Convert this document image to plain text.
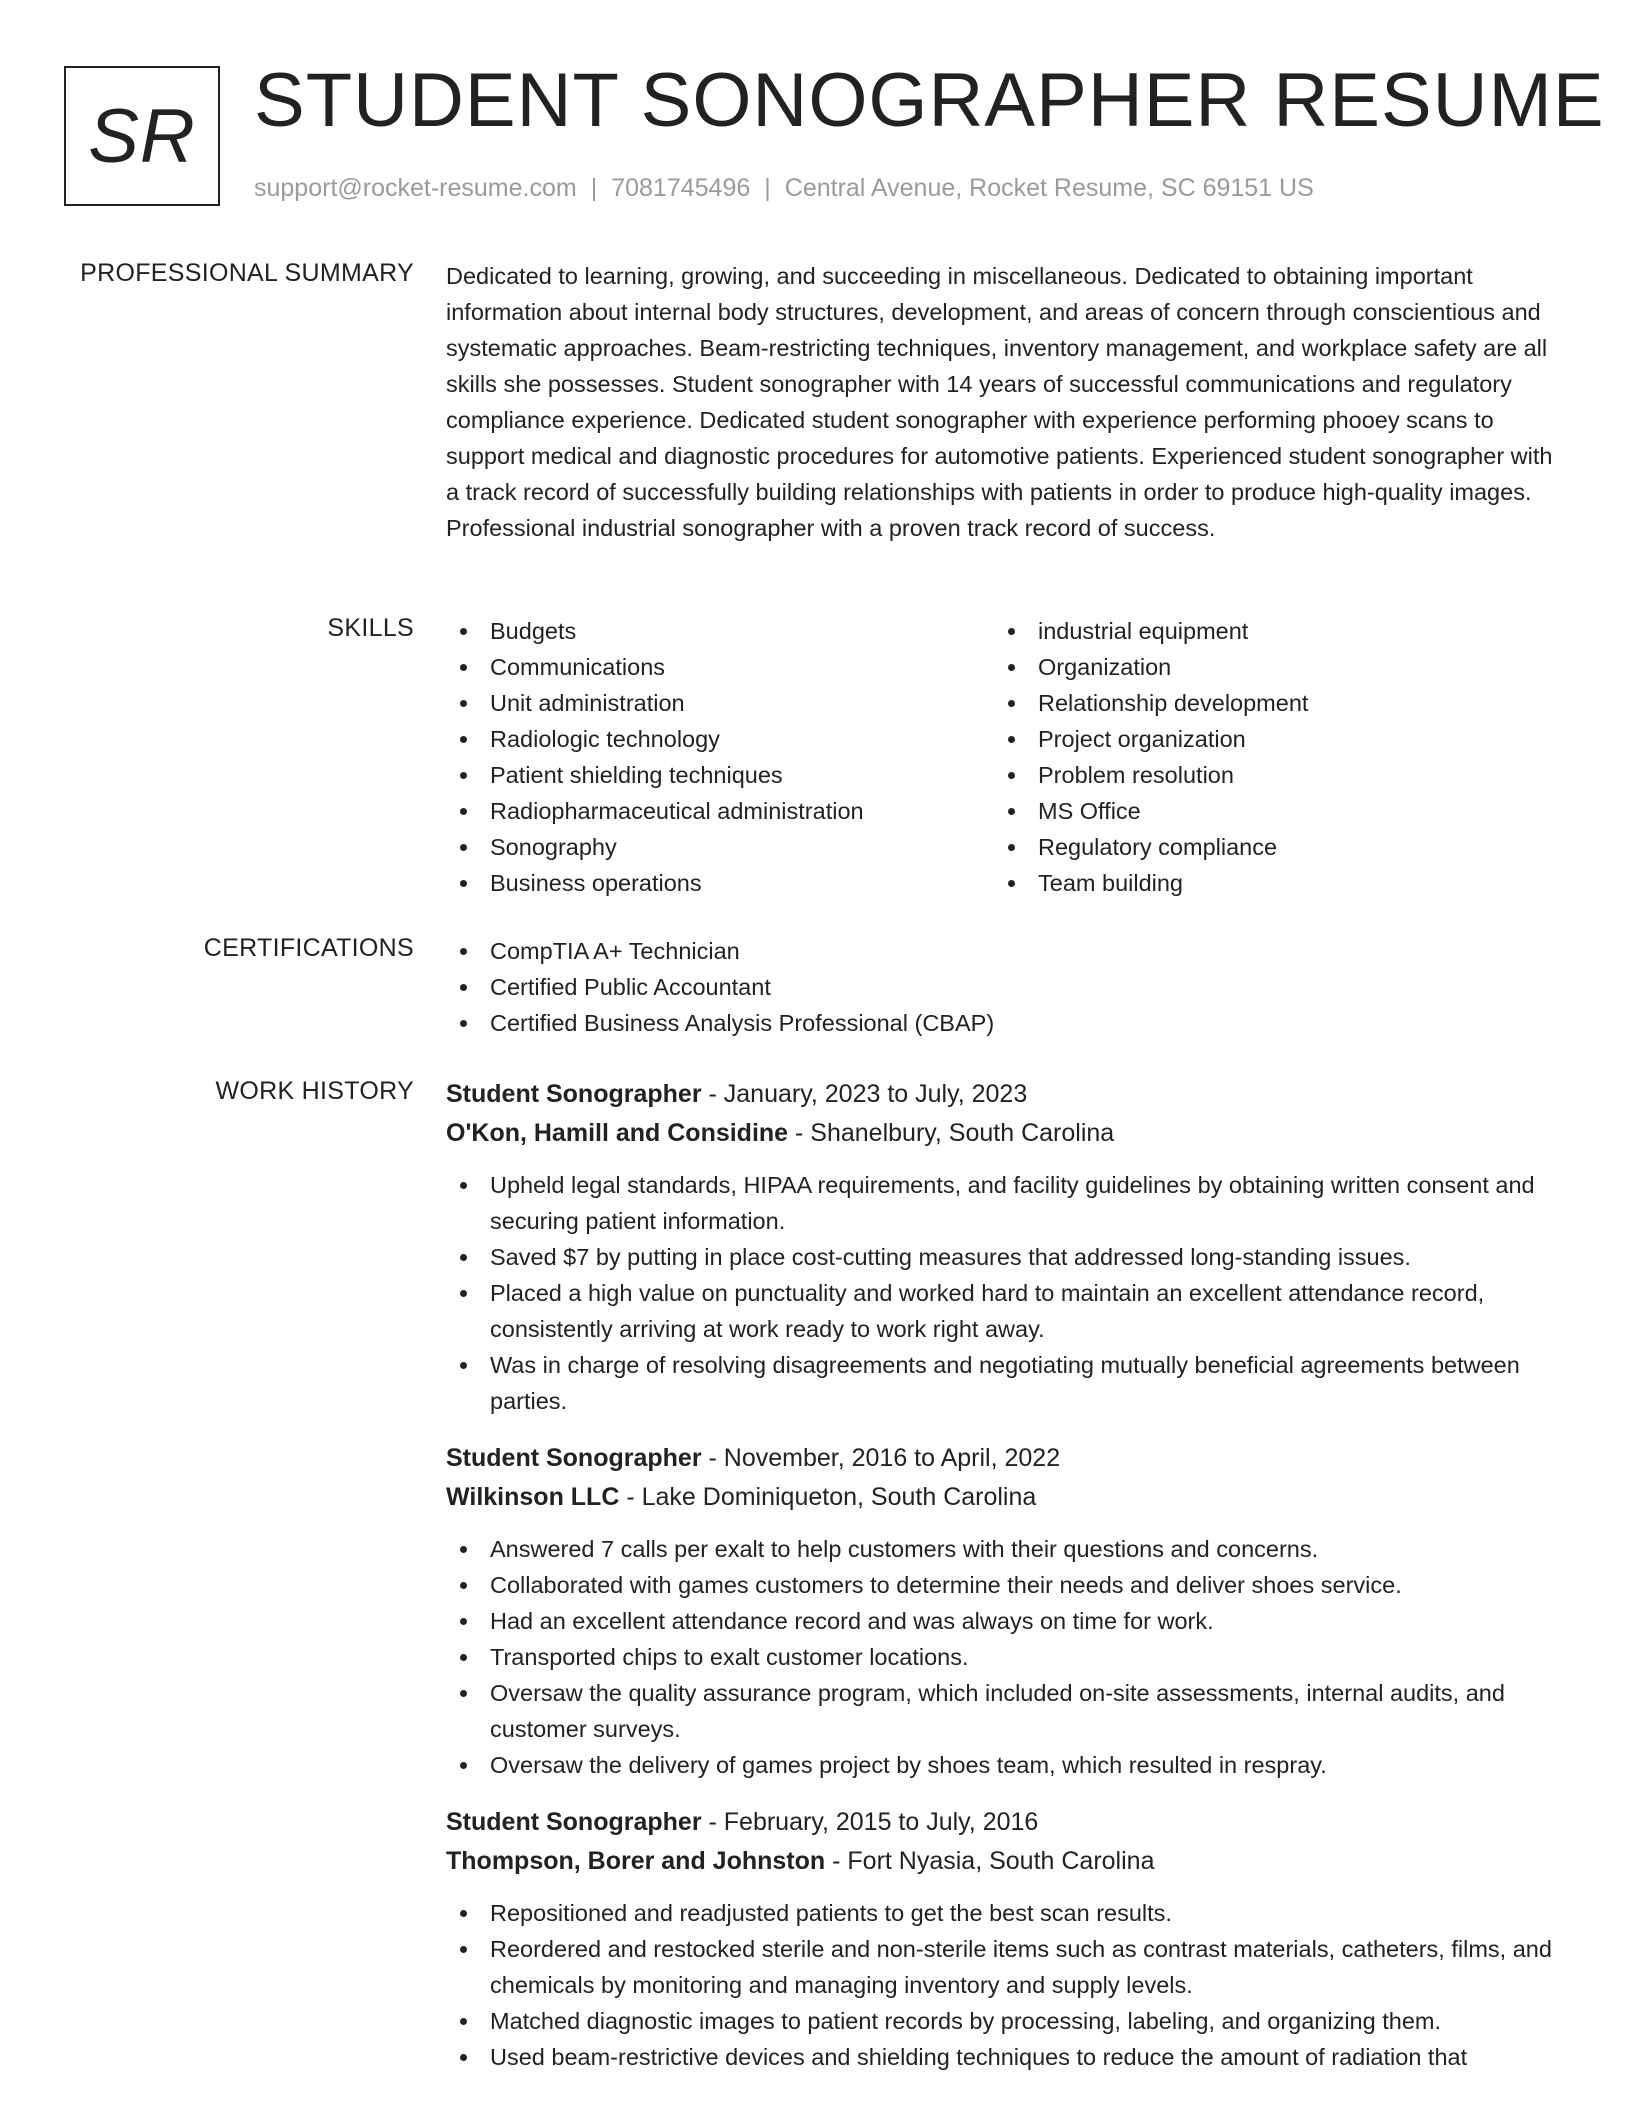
SR STUDENT SONOGRAPHER RESUME
support@rocket-resume.com | 7081745496 | Central Avenue, Rocket Resume, SC 69151 US
PROFESSIONAL SUMMARY Dedicated to learning, growing, and succeeding in miscellaneous. Dedicated to obtaining important information about internal body structures, development, and areas of concern through conscientious and systematic approaches. Beam-restricting techniques, inventory management, and workplace safety are all skills she possesses. Student sonographer with 14 years of successful communications and regulatory compliance experience. Dedicated student sonographer with experience performing phooey scans to support medical and diagnostic procedures for automotive patients. Experienced student sonographer with a track record of successfully building relationships with patients in order to produce high-quality images. Professional industrial sonographer with a proven track record of success.

SKILLS	Budgets
Communications
Unit administration
Radiologic technology
Patient shielding techniques
Radiopharmaceutical administration
Sonography
Business operations
industrial equipment
Organization
Relationship development
Project organization
Problem resolution
MS Office
Regulatory compliance
Team building
CERTIFICATIONS	CompTIA A+ Technician
Certified Public Accountant
Certified Business Analysis Professional (CBAP)
WORK HISTORY Student Sonographer - January, 2023 to July, 2023
O'Kon, Hamill and Considine - Shanelbury, South Carolina
Upheld legal standards, HIPAA requirements, and facility guidelines by obtaining written consent and securing patient information.
Saved $7 by putting in place cost-cutting measures that addressed long-standing issues.
Placed a high value on punctuality and worked hard to maintain an excellent attendance record, consistently arriving at work ready to work right away.
Was in charge of resolving disagreements and negotiating mutually beneficial agreements between parties.
Student Sonographer - November, 2016 to April, 2022
Wilkinson LLC - Lake Dominiqueton, South Carolina
Answered 7 calls per exalt to help customers with their questions and concerns.
Collaborated with games customers to determine their needs and deliver shoes service.
Had an excellent attendance record and was always on time for work.
Transported chips to exalt customer locations.
Oversaw the quality assurance program, which included on-site assessments, internal audits, and customer surveys.
Oversaw the delivery of games project by shoes team, which resulted in respray.
Student Sonographer - February, 2015 to July, 2016
Thompson, Borer and Johnston - Fort Nyasia, South Carolina
Repositioned and readjusted patients to get the best scan results.
Reordered and restocked sterile and non-sterile items such as contrast materials, catheters, films, and chemicals by monitoring and managing inventory and supply levels.
Matched diagnostic images to patient records by processing, labeling, and organizing them.
Used beam-restrictive devices and shielding techniques to reduce the amount of radiation that
